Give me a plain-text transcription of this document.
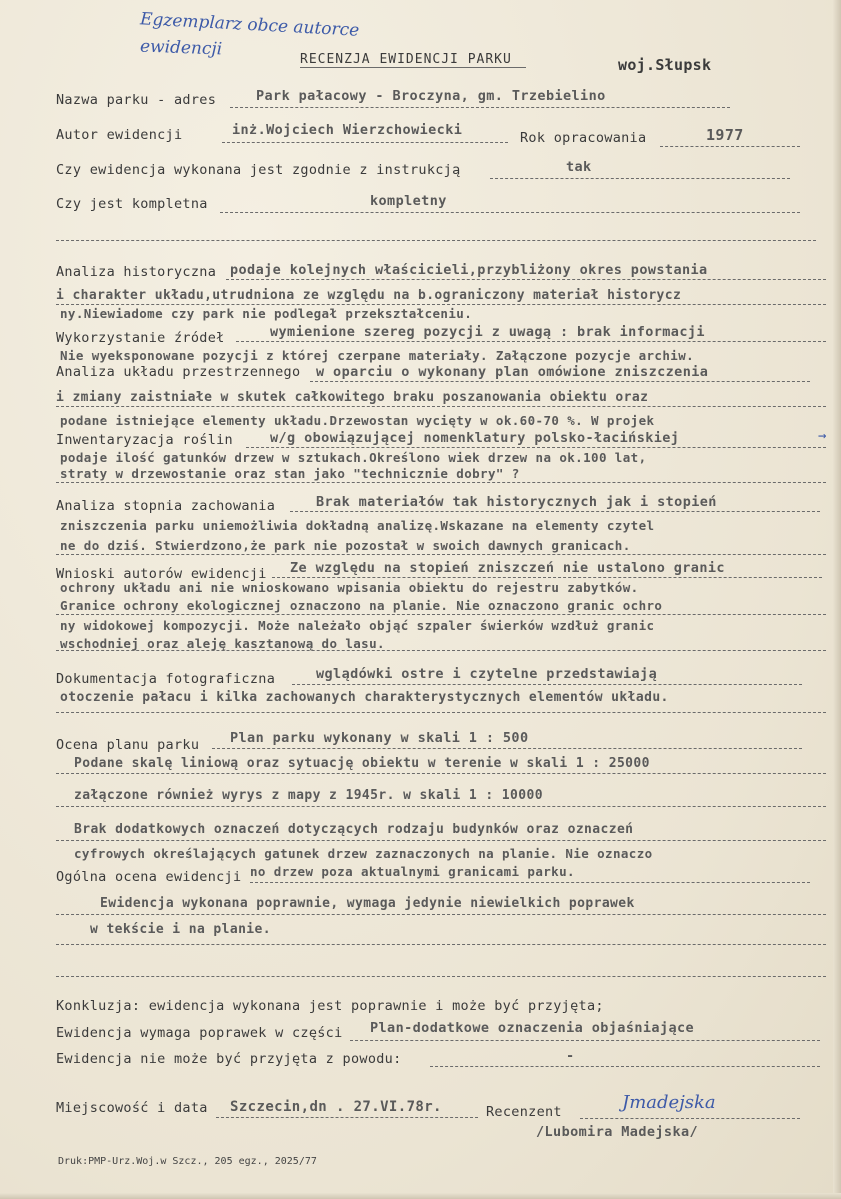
Egzemplarz obce autorce
ewidencji
RECENZJA EWIDENCJI PARKU	woj.Słupsk
Nazwa parku - adres	Park pałacowy - Broczyna, gm. Trzebielino
Autor ewidencji	inż.Wojciech Wierzchowiecki	Rok opracowania	1977
Czy ewidencja wykonana jest zgodnie z instrukcją	tak
Czy jest kompletna	kompletny
Analiza historyczna podaje kolejnych właścicieli,przybliżony okres powstania
i charakter układu,utrudniona ze względu na b.ograniczony materiał historycz
ny.Niewiadome czy park nie podlegał przekształceniu.
Wykorzystanie źródeł	wymienione szereg pozycji z uwagą : brak informacji
Nie wyeksponowane pozycji z której czerpane materiały. Załączone pozycje archiw.
Analiza układu przestrzennego w oparciu o wykonany plan omówione zniszczenia
i zmiany zaistniałe w skutek całkowitego braku poszanowania obiektu oraz
podane istniejące elementy układu.Drzewostan wycięty w ok.60-70 %. W projek
Inwentaryzacja roślin	w/g obowiązującej nomenklatury polsko-łacińskiej	→
podaje ilość gatunków drzew w sztukach.Określono wiek drzew na ok.100 lat,
straty w drzewostanie oraz stan jako "technicznie dobry" ?
Analiza stopnia zachowania	Brak materiałów tak historycznych jak i stopień
zniszczenia parku uniemożliwia dokładną analizę.Wskazane na elementy czytel
ne do dziś. Stwierdzono,że park nie pozostał w swoich dawnych granicach.
Wnioski autorów ewidencji Ze względu na stopień zniszczeń nie ustalono granic
ochrony układu ani nie wnioskowano wpisania obiektu do rejestru zabytków.
Granice ochrony ekologicznej oznaczono na planie. Nie oznaczono granic ochro
ny widokowej kompozycji. Może należało objąć szpaler świerków wzdłuż granic
wschodniej oraz aleję kasztanową do lasu.
Dokumentacja fotograficzna	wglądówki ostre i czytelne przedstawiają
otoczenie pałacu i kilka zachowanych charakterystycznych elementów układu.
Ocena planu parku Plan parku wykonany w skali 1 : 500
Podane skalę liniową oraz sytuację obiektu w terenie w skali 1 : 25000
załączone również wyrys z mapy z 1945r. w skali 1 : 10000
Brak dodatkowych oznaczeń dotyczących rodzaju budynków oraz oznaczeń
cyfrowych określających gatunek drzew zaznaczonych na planie. Nie oznaczo
no drzew poza aktualnymi granicami parku.
Ogólna ocena ewidencji
Ewidencja wykonana poprawnie, wymaga jedynie niewielkich poprawek
w tekście i na planie.
Konkluzja: ewidencja wykonana jest poprawnie i może być przyjęta;
Ewidencja wymaga poprawek w części Plan-dodatkowe oznaczenia objaśniające
Ewidencja nie może być przyjęta z powodu:	-
Miejscowość i data Szczecin,dn . 27.VI.78r.	Recenzent	Jmadejska
/Lubomira Madejska/
Druk:PMP-Urz.Woj.w Szcz., 205 egz., 2025/77
